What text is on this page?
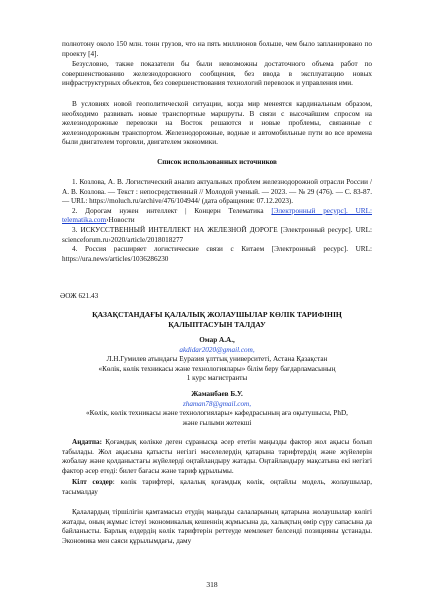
полнотону около 150 млн. тонн грузов, что на пять миллионов больше, чем было запланировано по проекту [4].

Безусловно, также показатели бы были невозможны достаточного объема работ по совершенствованию железнодорожного сообщения, без ввода в эксплуатацию новых инфраструктурных объектов, без совершенствования технологий перевозок и управления ими.

В условиях новой геополитической ситуации, когда мир менеятся кардинальным образом, необходимо развивать новые транспортные маршруты. В связи с высочайшим спросом на железнодорожные перевозки на Восток решаются и новые проблемы, связанные с железнодорожным транспортом. Железнодорожные, водные и автомобильные пути во все времена были двигателем торговли, двигателем экономики.

Список использованных источников

1. Козлова, А. В. Логистический анализ актуальных проблем железнодорожной отрасли России / А. В. Козлова. — Текст : непосредственный // Молодой ученый. — 2023. — № 29 (476). — С. 83-87. — URL: https://moluch.ru/archive/476/104944/ (дата обращения: 07.12.2023).

2. Дорогам нужен интеллект | Концерн Телематика [Электронный ресурс]. URL: telematika.com›Новости

3. ИСКУССТВЕННЫЙ ИНТЕЛЛЕКТ НА ЖЕЛЕЗНОЙ ДОРОГЕ [Электронный ресурс]. URL: scienceforum.ru›2020/article/2018018277

4. Россия расширяет логистические связи с Китаем [Электронный ресурс]. URL: https://ura.news/articles/1036286230

ӘОЖ 621.43
ҚАЗАҚСТАНДАҒЫ ҚАЛАЛЫҚ ЖОЛАУШЫЛАР КӨЛІК ТАРИФІНІҢ
ҚАЛЫПТАСУЫН ТАЛДАУ
Омар А.А.,
akdidar2020@gmail.com,
Л.Н.Гумилев атындағы Еуразия ұлттық университеті, Астана Қазақстан
«Көлік, көлік техникасы және технологиялары» білім беру бағдарламасының
1 курс магистранты
Жаманбаев Б.У.
zhaman78@gmail.com,
«Көлік, көлік техникасы және технологиялары» кафедрасының аға оқытушысы, PhD,
және ғылыми жетекші

Аңдатпа: Қоғамдық көлікке деген сұранысқа әсер ететін маңызды фактор жол ақысы болып табылады. Жол ақысына қатысты негізгі мәселелердің қатарына тарифтердің және жүйелерін жобалау және қолданыстағы жүйелерді оңтайландыру жатады. Оңтайландыру мақсатына екі негізгі фактор әсер етеді: билет бағасы және тариф құрылымы.

Кілт сөздер: көлік тарифтері, қалалық қоғамдық көлік, оңтайлы модель, жолаушылар, тасымалдау

Қалалардың тіршілігін қамтамасыз етудің маңызды салаларының қатарына жолаушылар көлігі жатады, оның жұмыс істеуі экономикалық кешеннің жұмысына да, халықтың өмір сүру сапасына да байланысты. Барлық елдердің көлік тарифтерін реттеуде мемлекет белсенді позицияны ұстанады. Экономика мен саяси құрылымдағы, даму

318
